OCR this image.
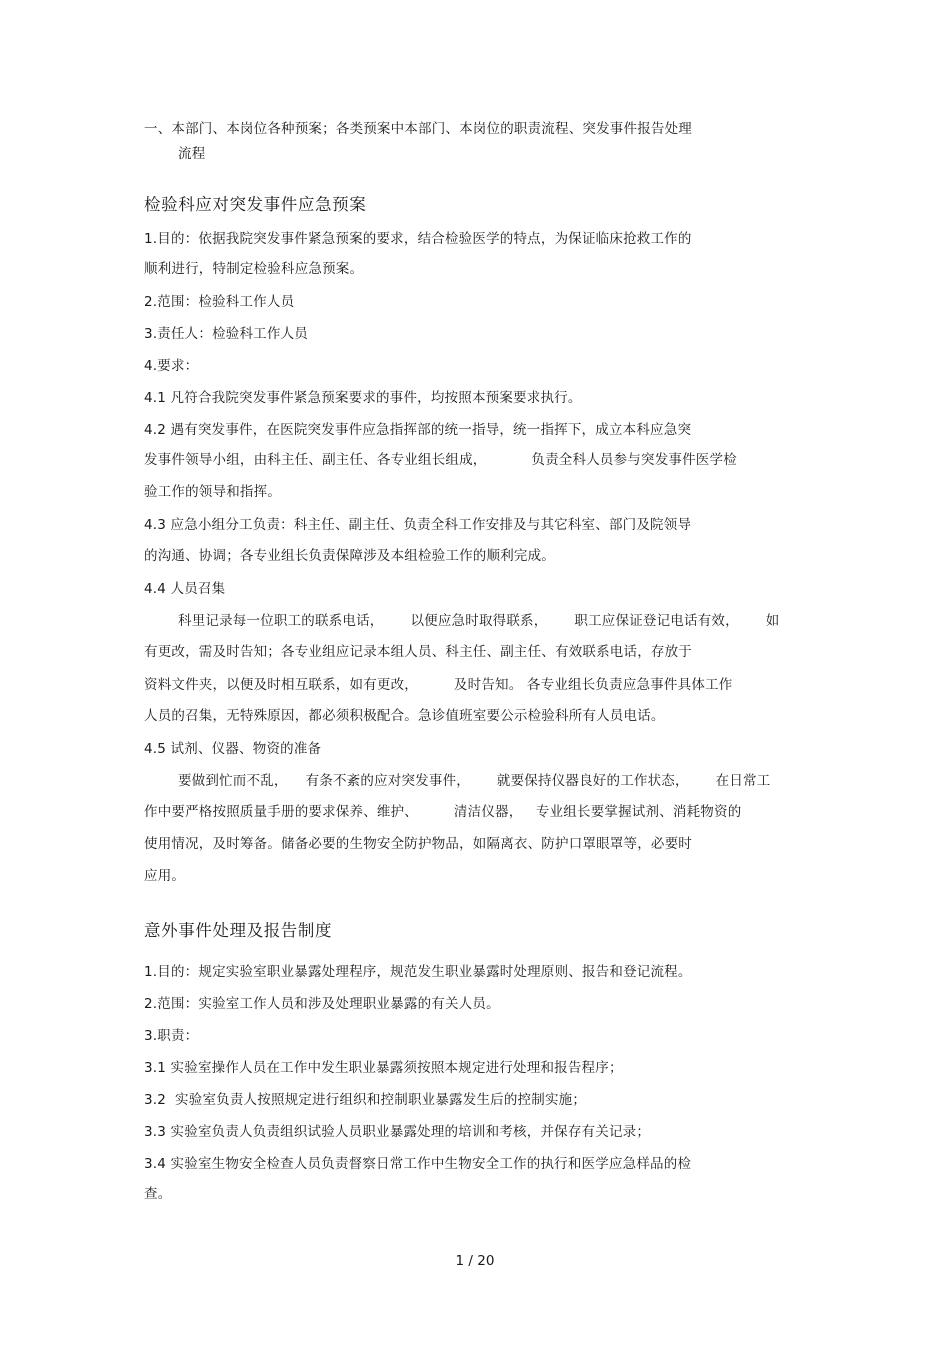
一、本部门、本岗位各种预案；各类预案中本部门、本岗位的职责流程、突发事件报告处理
流程
检验科应对突发事件应急预案
1.目的：依据我院突发事件紧急预案的要求，结合检验医学的特点，为保证临床抢救工作的
顺利进行，特制定检验科应急预案。
2.范围：检验科工作人员
3.责任人：检验科工作人员
4.要求：
4.1 凡符合我院突发事件紧急预案要求的事件，均按照本预案要求执行。
4.2 遇有突发事件，在医院突发事件应急指挥部的统一指导，统一指挥下，成立本科应急突
发事件领导小组，由科主任、副主任、各专业组长组成，          负责全科人员参与突发事件医学检
验工作的领导和指挥。
4.3 应急小组分工负责：科主任、副主任、负责全科工作安排及与其它科室、部门及院领导
的沟通、协调；各专业组长负责保障涉及本组检验工作的顺利完成。
4.4 人员召集
科里记录每一位职工的联系电话，      以便应急时取得联系，      职工应保证登记电话有效，      如
有更改，需及时告知；各专业组应记录本组人员、科主任、副主任、有效联系电话，存放于
资料文件夹，以便及时相互联系，如有更改，        及时告知。 各专业组长负责应急事件具体工作
人员的召集，无特殊原因，都必须积极配合。急诊值班室要公示检验科所有人员电话。
4.5 试剂、仪器、物资的准备
要做到忙而不乱，    有条不紊的应对突发事件，      就要保持仪器良好的工作状态，      在日常工
作中要严格按照质量手册的要求保养、维护、        清洁仪器，   专业组长要掌握试剂、消耗物资的
使用情况，及时筹备。储备必要的生物安全防护物品，如隔离衣、防护口罩眼罩等，必要时
应用。
意外事件处理及报告制度
1.目的：规定实验室职业暴露处理程序，规范发生职业暴露时处理原则、报告和登记流程。
2.范围：实验室工作人员和涉及处理职业暴露的有关人员。
3.职责：
3.1 实验室操作人员在工作中发生职业暴露须按照本规定进行处理和报告程序；
3.2  实验室负责人按照规定进行组织和控制职业暴露发生后的控制实施；
3.3 实验室负责人负责组织试验人员职业暴露处理的培训和考核，并保存有关记录；
3.4 实验室生物安全检查人员负责督察日常工作中生物安全工作的执行和医学应急样品的检
查。
1 / 20
